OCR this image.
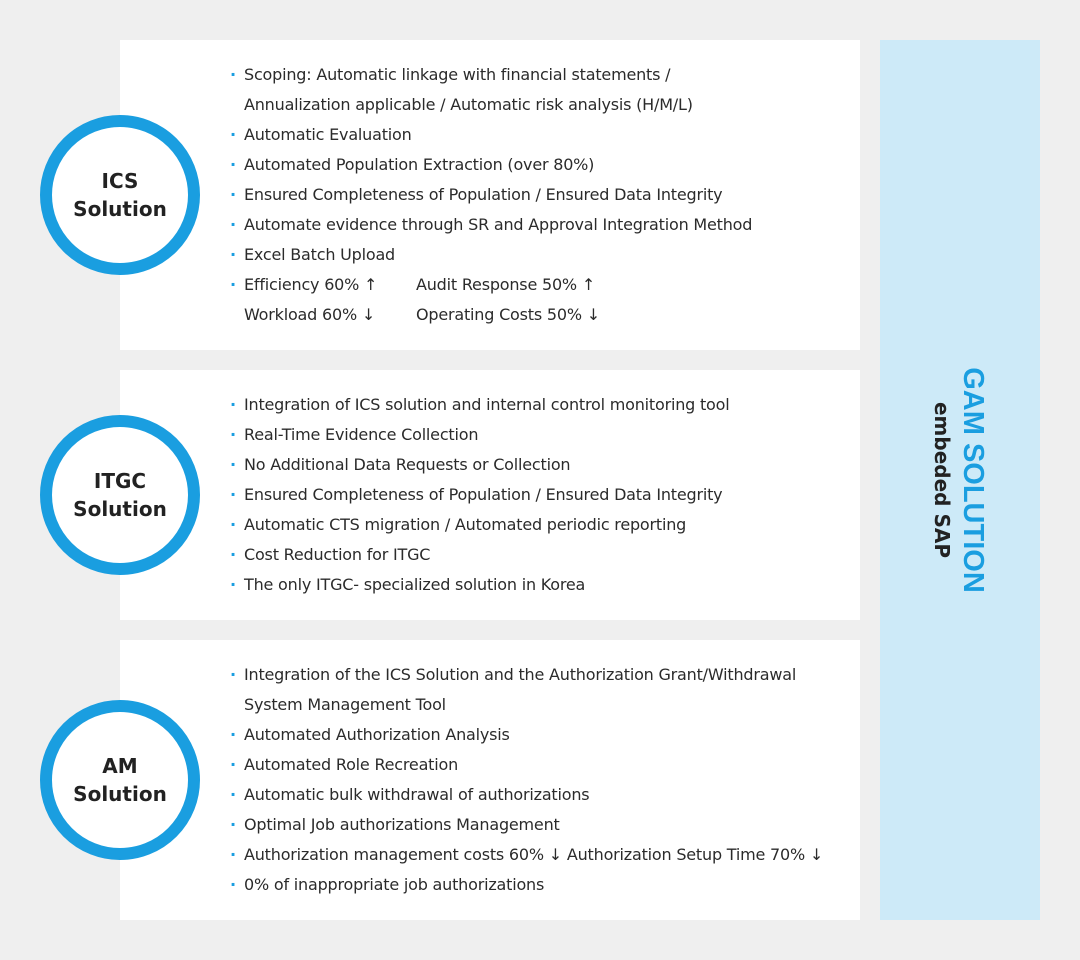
ICS
Solution
· Scoping: Automatic linkage with financial statements /
Annualization applicable / Automatic risk analysis (H/M/L)
· Automatic Evaluation
· Automated Population Extraction (over 80%)
· Ensured Completeness of Population / Ensured Data Integrity
· Automate evidence through SR and Approval Integration Method
· Excel Batch Upload
· Efficiency 60% ↑ Audit Response 50% ↑
Workload 60% ↓	Operating Costs 50% ↓
ITGC
Solution
· Integration of ICS solution and internal control monitoring tool
· Real-Time Evidence Collection
· No Additional Data Requests or Collection
· Ensured Completeness of Population / Ensured Data Integrity
· Automatic CTS migration / Automated periodic reporting
· Cost Reduction for ITGC
· The only ITGC- specialized solution in Korea
AM
Solution
· Integration of the ICS Solution and the Authorization Grant/Withdrawal
System Management Tool
· Automated Authorization Analysis
· Automated Role Recreation
· Automatic bulk withdrawal of authorizations
· Optimal Job authorizations Management
· Authorization management costs 60% ↓ Authorization Setup Time 70% ↓
· 0% of inappropriate job authorizations
GAM SOLUTION
embeded SAP
